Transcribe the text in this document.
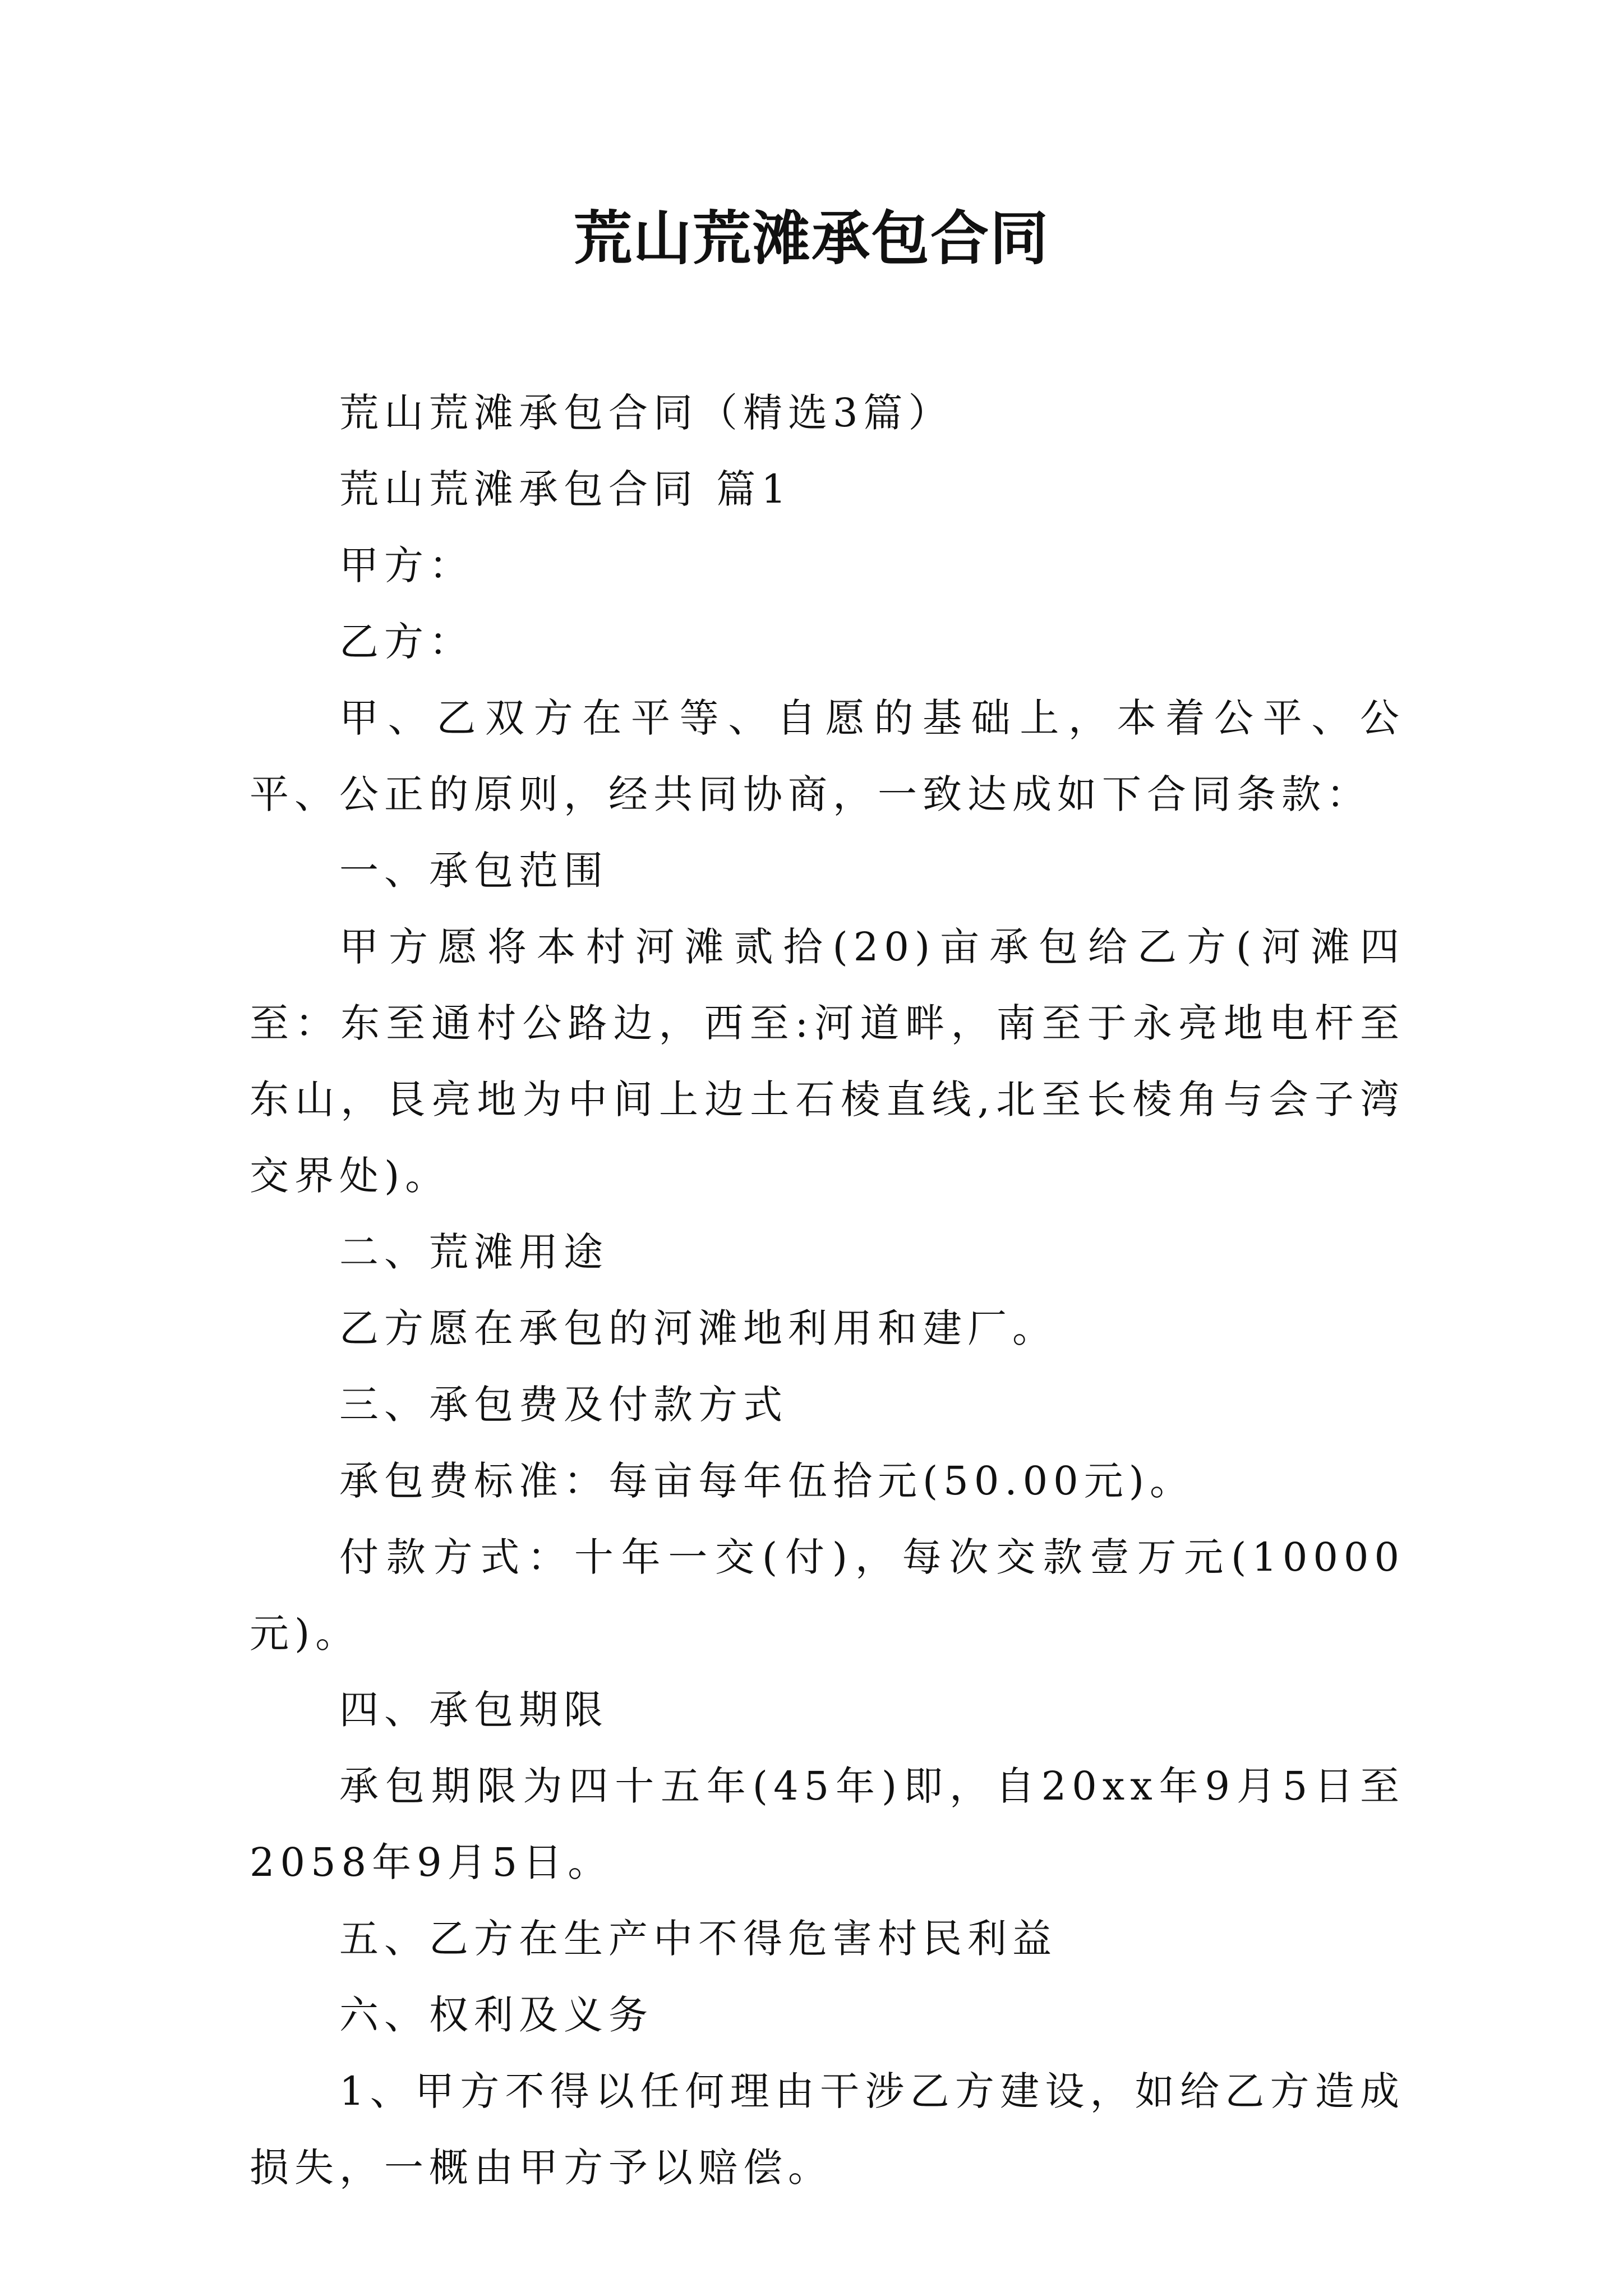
荒山荒滩承包合同

荒山荒滩承包合同（精选3篇）

荒山荒滩承包合同 篇1

甲方：

乙方：

甲、乙双方在平等、自愿的基础上，本着公平、公平、公正的原则，经共同协商，一致达成如下合同条款：

一、承包范围

甲方愿将本村河滩贰拾(20)亩承包给乙方(河滩四至：东至通村公路边，西至:河道畔，南至于永亮地电杆至东山，艮亮地为中间上边土石棱直线,北至长棱角与会子湾交界处)。

二、荒滩用途

乙方愿在承包的河滩地利用和建厂。

三、承包费及付款方式

承包费标准：每亩每年伍拾元(50.00元)。

付款方式：十年一交(付)，每次交款壹万元(10000元)。

四、承包期限

承包期限为四十五年(45年)即，自20xx年9月5日至2058年9月5日。

五、乙方在生产中不得危害村民利益

六、权利及义务

1、甲方不得以任何理由干涉乙方建设，如给乙方造成损失，一概由甲方予以赔偿。
